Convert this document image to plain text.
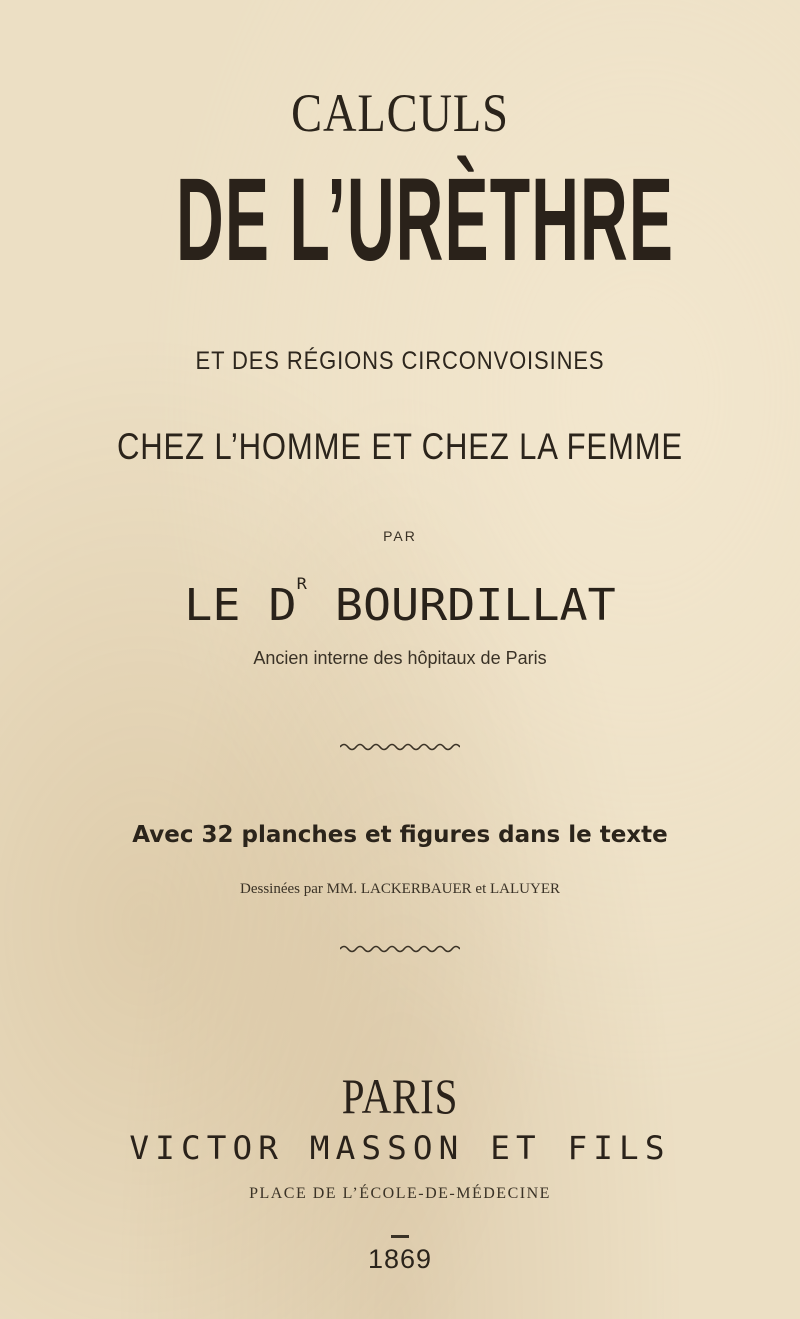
CALCULS
DE L’URÈTHRE
ET DES RÉGIONS CIRCONVOISINES
CHEZ L’HOMME ET CHEZ LA FEMME
PAR
LE $D^R$ BOURDILLAT
Ancien interne des hôpitaux de Paris
Avec 32 planches et figures dans le texte
Dessinées par MM. LACKERBAUER et LALUYER
PARIS
VICTOR MASSON ET FILS
PLACE DE L’ÉCOLE-DE-MÉDECINE
1869
